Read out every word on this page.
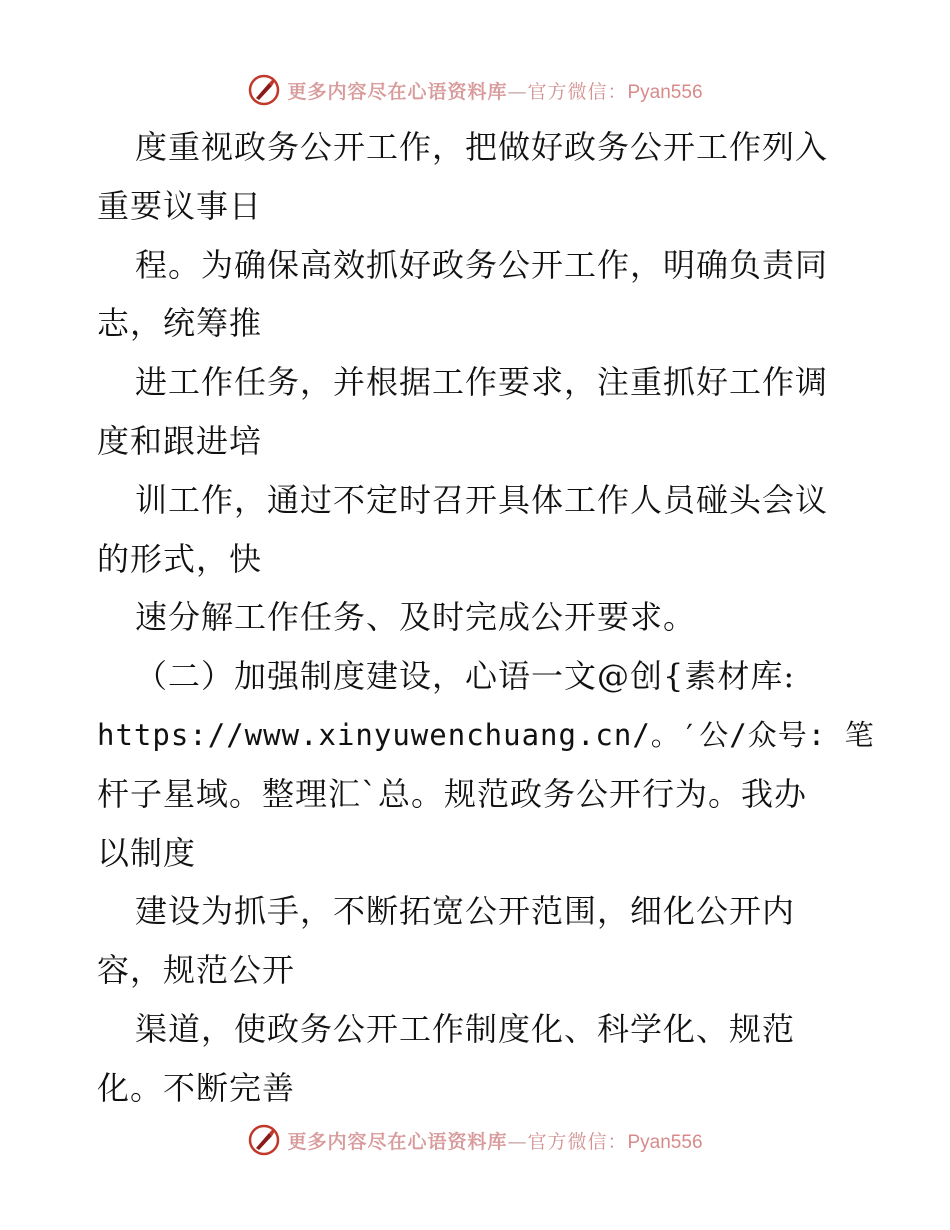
更多内容尽在心语资料库—官方微信：Pyan556
度重视政务公开工作，把做好政务公开工作列入
重要议事日
程。为确保高效抓好政务公开工作，明确负责同
志，统筹推
进工作任务，并根据工作要求，注重抓好工作调
度和跟进培
训工作，通过不定时召开具体工作人员碰头会议
的形式，快
速分解工作任务、及时完成公开要求。
（二）加强制度建设，心语一文@创{素材库:
https://www.xinyuwenchuang.cn/。′公/众号: 笔
杆子星域。整理汇`总。规范政务公开行为。我办
以制度
建设为抓手，不断拓宽公开范围，细化公开内
容，规范公开
渠道，使政务公开工作制度化、科学化、规范
化。不断完善
更多内容尽在心语资料库—官方微信：Pyan556
